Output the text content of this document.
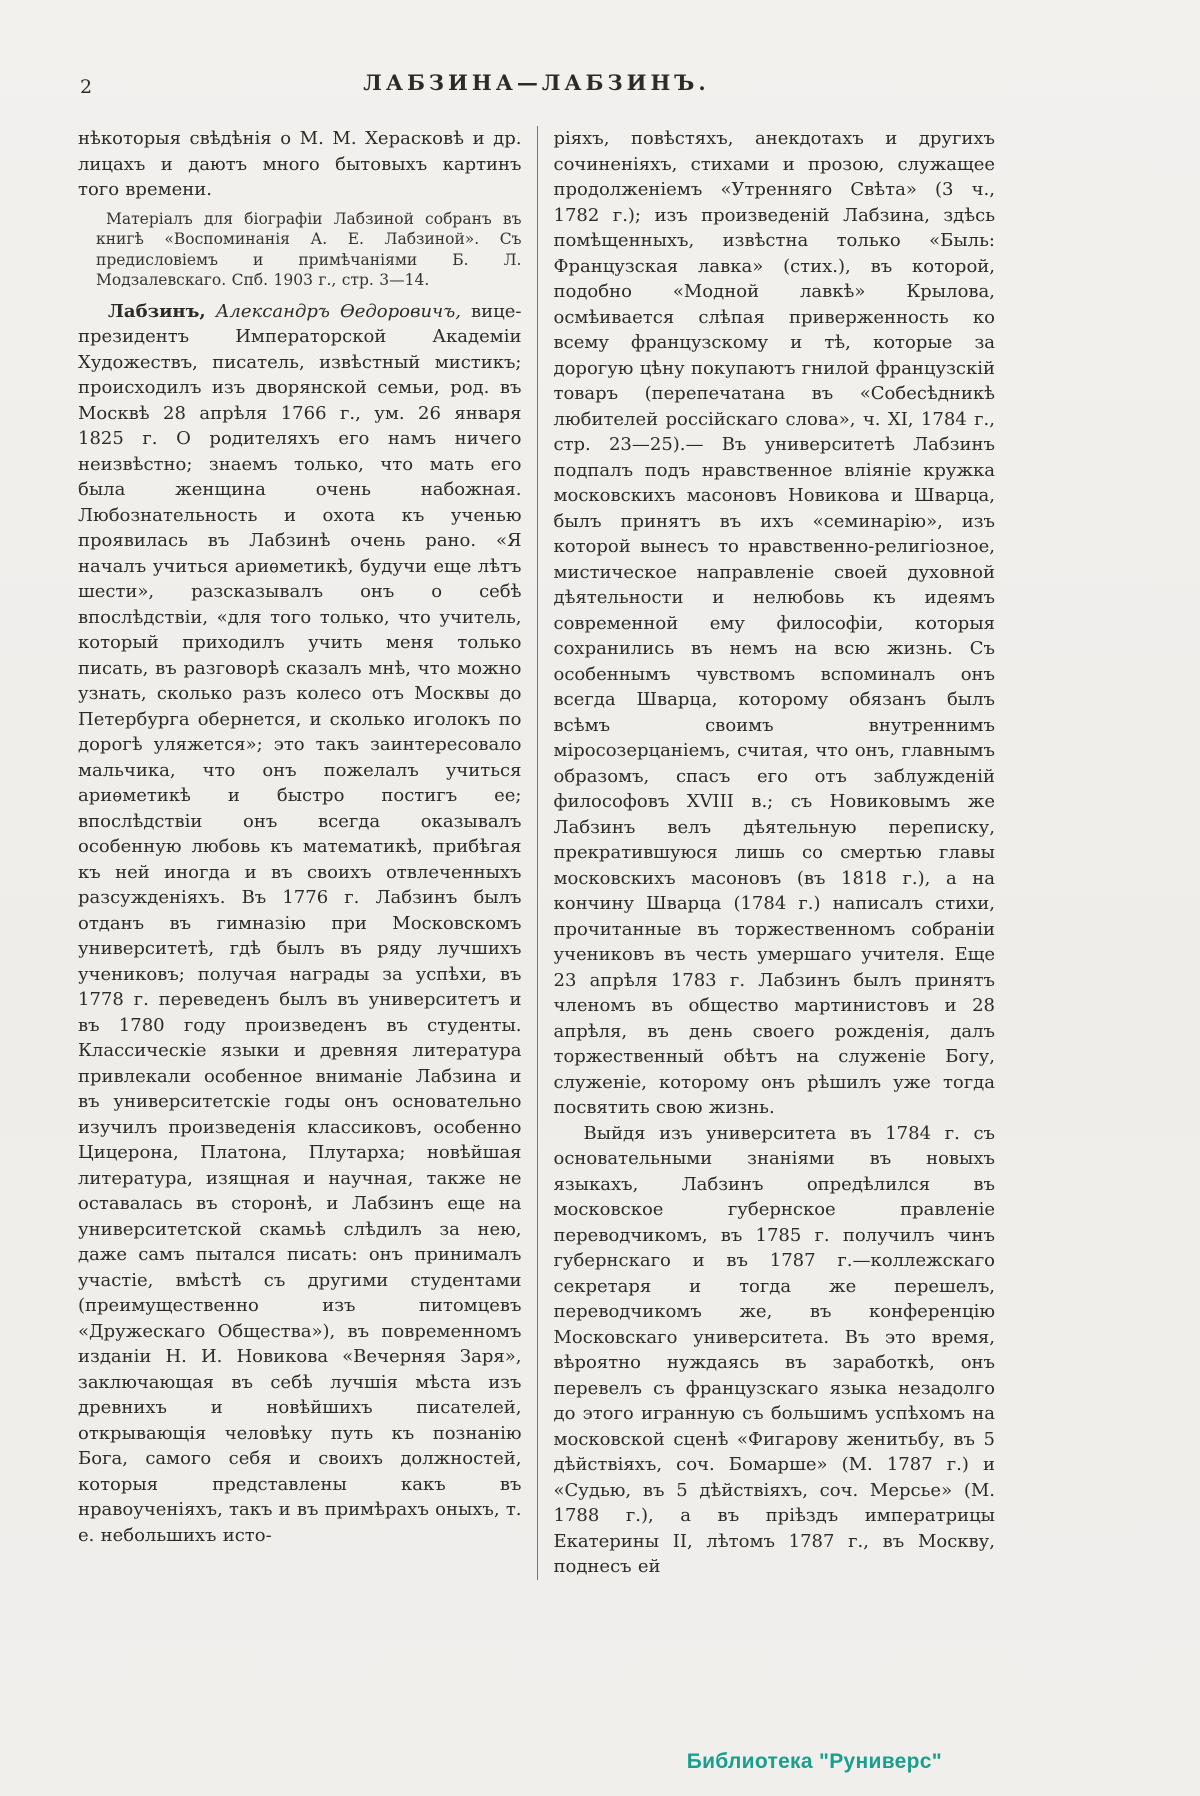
2	ЛАБЗИНА—ЛАБЗИНЪ.

нѣкоторыя свѣдѣнія о М. М. Херасковѣ и др. лицахъ и даютъ много бытовыхъ картинъ того времени.

Матеріалъ для біографіи Лабзиной собранъ въ книгѣ «Воспоминанія А. Е. Лабзиной». Съ предисловіемъ и примѣчаніями Б. Л. Модзалевскаго. Спб. 1903 г., стр. 3—14.

Лабзинъ, Александръ Ѳедоровичъ, вице-президентъ Императорской Академіи Художествъ, писатель, извѣстный мистикъ; происходилъ изъ дворянской семьи, род. въ Москвѣ 28 апрѣля 1766 г., ум. 26 января 1825 г. О родителяхъ его намъ ничего неизвѣстно; знаемъ только, что мать его была женщина очень набожная. Любознательность и охота къ ученью проявилась въ Лабзинѣ очень рано. «Я началъ учиться ариѳметикѣ, будучи еще лѣтъ шести», разсказывалъ онъ о себѣ впослѣдствіи, «для того только, что учитель, который приходилъ учить меня только писать, въ разговорѣ сказалъ мнѣ, что можно узнать, сколько разъ колесо отъ Москвы до Петербурга обернется, и сколько иголокъ по дорогѣ уляжется»; это такъ заинтересовало мальчика, что онъ пожелалъ учиться ариѳметикѣ и быстро постигъ ее; впослѣдствіи онъ всегда оказывалъ особенную любовь къ математикѣ, прибѣгая къ ней иногда и въ своихъ отвлеченныхъ разсужденіяхъ. Въ 1776 г. Лабзинъ былъ отданъ въ гимназію при Московскомъ университетѣ, гдѣ былъ въ ряду лучшихъ учениковъ; получая награды за успѣхи, въ 1778 г. переведенъ былъ въ университетъ и въ 1780 году произведенъ въ студенты. Классическіе языки и древняя литература привлекали особенное вниманіе Лабзина и въ университетскіе годы онъ основательно изучилъ произведенія классиковъ, особенно Цицерона, Платона, Плутарха; новѣйшая литература, изящная и научная, также не оставалась въ сторонѣ, и Лабзинъ еще на университетской скамьѣ слѣдилъ за нею, даже самъ пытался писать: онъ принималъ участіе, вмѣстѣ съ другими студентами (преимущественно изъ питомцевъ «Дружескаго Общества»), въ повременномъ изданіи Н. И. Новикова «Вечерняя Заря», заключающая въ себѣ лучшія мѣста изъ древнихъ и новѣйшихъ писателей, открывающія человѣку путь къ познанію Бога, самого себя и своихъ должностей, которыя представлены какъ въ нравоученіяхъ, такъ и въ примѣрахъ оныхъ, т. е. небольшихъ исто-

ріяхъ, повѣстяхъ, анекдотахъ и другихъ сочиненіяхъ, стихами и прозою, служащее продолженіемъ «Утренняго Свѣта» (3 ч., 1782 г.); изъ произведеній Лабзина, здѣсь помѣщенныхъ, извѣстна только «Быль: Французская лавка» (стих.), въ которой, подобно «Модной лавкѣ» Крылова, осмѣивается слѣпая приверженность ко всему французскому и тѣ, которые за дорогую цѣну покупаютъ гнилой французскій товаръ (перепечатана въ «Собесѣдникѣ любителей россійскаго слова», ч. XI, 1784 г., стр. 23—25).— Въ университетѣ Лабзинъ подпалъ подъ нравственное вліяніе кружка московскихъ масоновъ Новикова и Шварца, былъ принятъ въ ихъ «семинарію», изъ которой вынесъ то нравственно-религіозное, мистическое направленіе своей духовной дѣятельности и нелюбовь къ идеямъ современной ему философіи, которыя сохранились въ немъ на всю жизнь. Съ особеннымъ чувствомъ вспоминалъ онъ всегда Шварца, которому обязанъ былъ всѣмъ своимъ внутреннимъ міросозерцаніемъ, считая, что онъ, главнымъ образомъ, спасъ его отъ заблужденій философовъ XVIII в.; съ Новиковымъ же Лабзинъ велъ дѣятельную переписку, прекратившуюся лишь со смертью главы московскихъ масоновъ (въ 1818 г.), а на кончину Шварца (1784 г.) написалъ стихи, прочитанные въ торжественномъ собраніи учениковъ въ честь умершаго учителя. Еще 23 апрѣля 1783 г. Лабзинъ былъ принятъ членомъ въ общество мартинистовъ и 28 апрѣля, въ день своего рожденія, далъ торжественный обѣтъ на служеніе Богу, служеніе, которому онъ рѣшилъ уже тогда посвятить свою жизнь.

Выйдя изъ университета въ 1784 г. съ основательными знаніями въ новыхъ языкахъ, Лабзинъ опредѣлился въ московское губернское правленіе переводчикомъ, въ 1785 г. получилъ чинъ губернскаго и въ 1787 г.—коллежскаго секретаря и тогда же перешелъ, переводчикомъ же, въ конференцію Московскаго университета. Въ это время, вѣроятно нуждаясь въ заработкѣ, онъ перевелъ съ французскаго языка незадолго до этого игранную съ большимъ успѣхомъ на московской сценѣ «Фигарову женитьбу, въ 5 дѣйствіяхъ, соч. Бомарше» (М. 1787 г.) и «Судью, въ 5 дѣйствіяхъ, соч. Мерсье» (М. 1788 г.), а въ пріѣздъ императрицы Екатерины II, лѣтомъ 1787 г., въ Москву, поднесъ ей

Библиотека "Руниверс"
